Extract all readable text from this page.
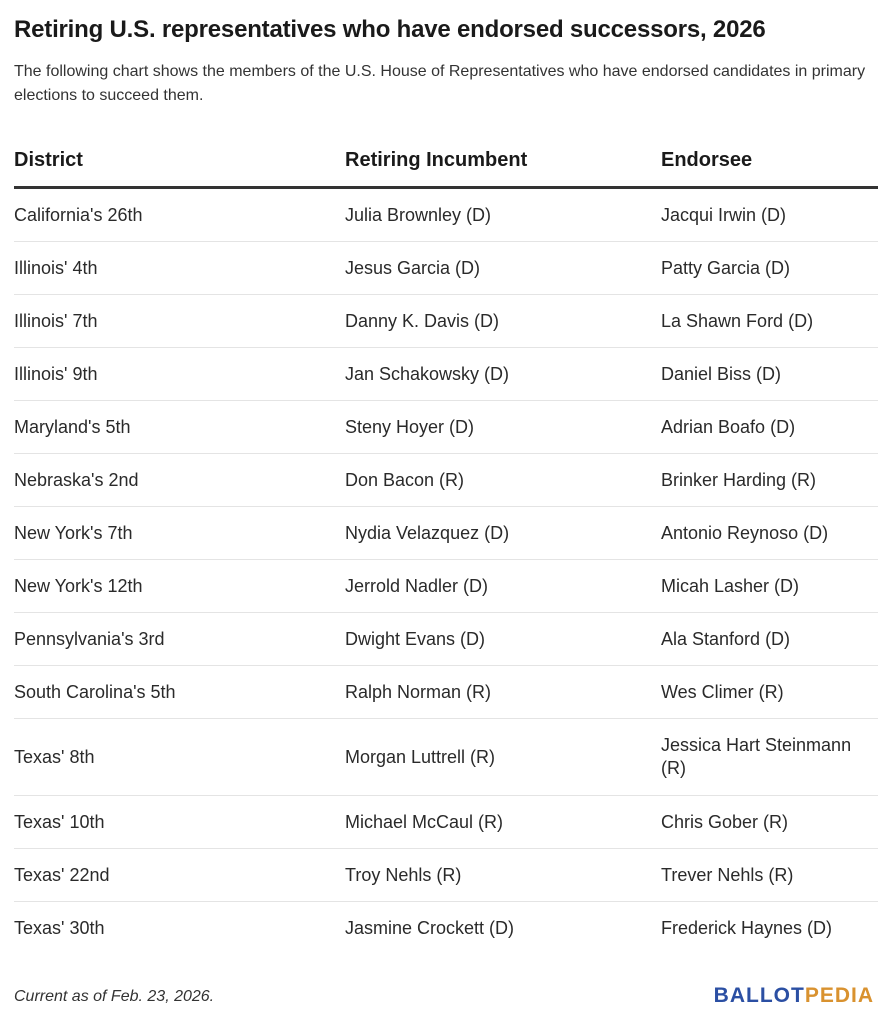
Retiring U.S. representatives who have endorsed successors, 2026

The following chart shows the members of the U.S. House of Representatives who have endorsed candidates in primary elections to succeed them.

District	Retiring Incumbent	Endorsee
California's 26th	Julia Brownley (D)	Jacqui Irwin (D)
Illinois' 4th	Jesus Garcia (D)	Patty Garcia (D)
Illinois' 7th	Danny K. Davis (D)	La Shawn Ford (D)
Illinois' 9th	Jan Schakowsky (D)	Daniel Biss (D)
Maryland's 5th	Steny Hoyer (D)	Adrian Boafo (D)
Nebraska's 2nd	Don Bacon (R)	Brinker Harding (R)
New York's 7th	Nydia Velazquez (D)	Antonio Reynoso (D)
New York's 12th	Jerrold Nadler (D)	Micah Lasher (D)
Pennsylvania's 3rd	Dwight Evans (D)	Ala Stanford (D)
South Carolina's 5th	Ralph Norman (R)	Wes Climer (R)
Texas' 8th	Morgan Luttrell (R)	Jessica Hart Steinmann (R)
Texas' 10th	Michael McCaul (R)	Chris Gober (R)
Texas' 22nd	Troy Nehls (R)	Trever Nehls (R)
Texas' 30th	Jasmine Crockett (D)	Frederick Haynes (D)
Current as of Feb. 23, 2026.	BALLOTPEDIA
